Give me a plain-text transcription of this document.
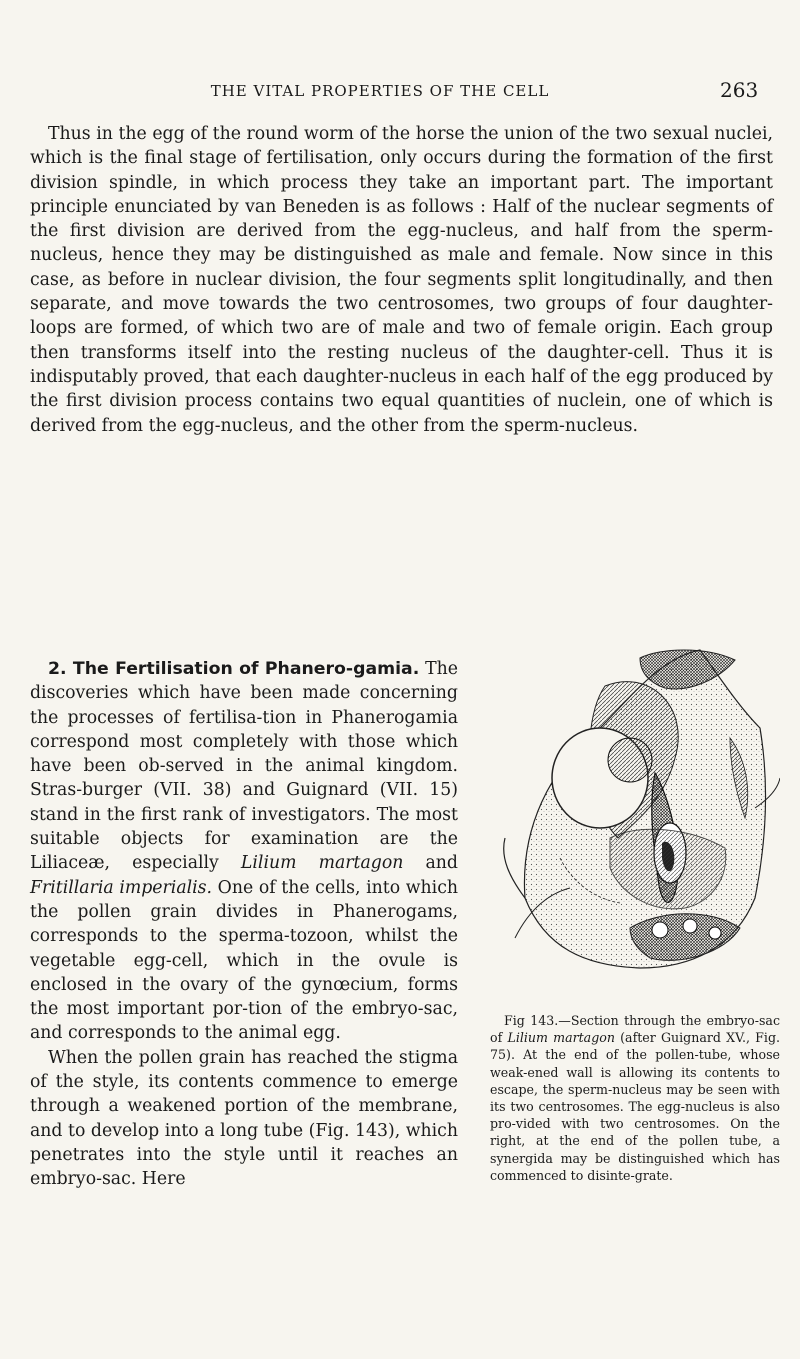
THE VITAL PROPERTIES OF THE CELL	263

Thus in the egg of the round worm of the horse the union of the two sexual nuclei, which is the final stage of fertilisation, only occurs during the formation of the first division spindle, in which process they take an important part. The important principle enunciated by van Beneden is as follows : Half of the nuclear segments of the first division are derived from the egg-nucleus, and half from the sperm-nucleus, hence they may be distinguished as male and female. Now since in this case, as before in nuclear division, the four segments split longitudinally, and then separate, and move towards the two centrosomes, two groups of four daughter-loops are formed, of which two are of male and two of female origin. Each group then transforms itself into the resting nucleus of the daughter-cell. Thus it is indisputably proved, that each daughter-nucleus in each half of the egg produced by the first division process contains two equal quantities of nuclein, one of which is derived from the egg-nucleus, and the other from the sperm-nucleus.

2. The Fertilisation of Phanero-gamia. The discoveries which have been made concerning the processes of fertilisa-tion in Phanerogamia correspond most completely with those which have been ob-served in the animal kingdom. Stras-burger (VII. 38) and Guignard (VII. 15) stand in the first rank of investigators. The most suitable objects for examination are the Liliaceæ, especially Lilium martagon and Fritillaria imperialis. One of the cells, into which the pollen grain divides in Phanerogams, corresponds to the sperma-tozoon, whilst the vegetable egg-cell, which in the ovule is enclosed in the ovary of the gynœcium, forms the most important por-tion of the embryo-sac, and corresponds to the animal egg.

When the pollen grain has reached the stigma of the style, its contents commence to emerge through a weakened portion of the membrane, and to develop into a long tube (Fig. 143), which penetrates into the style until it reaches an embryo-sac. Here

Fig 143.—Section through the embryo-sac of Lilium martagon (after Guignard XV., Fig. 75). At the end of the pollen-tube, whose weak-ened wall is allowing its contents to escape, the sperm-nucleus may be seen with its two centrosomes. The egg-nucleus is also pro-vided with two centrosomes. On the right, at the end of the pollen tube, a synergida may be distinguished which has commenced to disinte-grate.
